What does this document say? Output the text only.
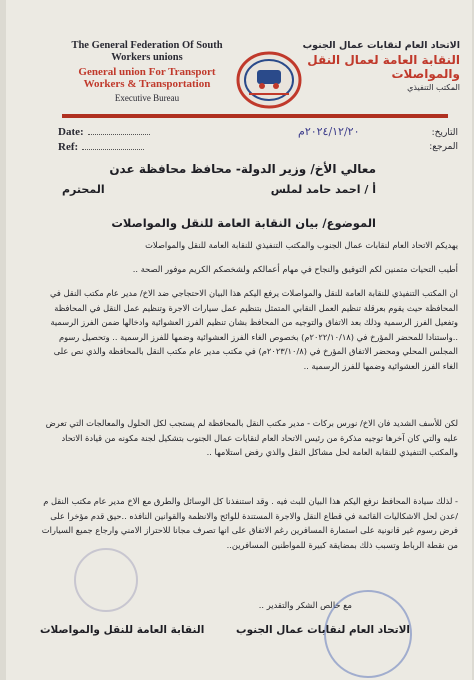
The General Federation Of South Workers unions
General union For Transport Workers & Transportation
Executive Bureau
الاتحاد العام لنقابات عمال الجنوب
النقابة العامة لعمال النقل والمواصلات
المكتب التنفيذي
Date:
Ref:
٢٠٢٤/١٢/٢٠م	التاريخ:
المرجع:
معالي الأخ/ وزير الدولة- محافظ محافظة عدن
أ / احمد حامد لملس
المحترم
الموضوع/ بيان النقابة العامة للنقل والمواصلات
يهديكم الاتحاد العام لنقابات عمال الجنوب والمكتب التنفيذي للنقابة العامة للنقل والمواصلات
أطيب التحيات متمنين لكم التوفيق والنجاح في مهام أعمالكم ولشخصكم الكريم موفور الصحة ..
ان المكتب التنفيذي للنقابة العامة للنقل والمواصلات يرفع اليكم هذا البيان الاحتجاجي ضد الاخ/ مدير عام مكتب النقل في المحافظة حيث يقوم بعرقلة تنظيم العمل النقابي المتمثل بتنظيم عمل سيارات الاجرة وتنظيم عمل النقل في المحافظة وتفعيل الفرز الرسمية وذلك بعد الاتفاق والتوجيه من المحافظ بشان تنظيم الفرز العشوائية وادخالها ضمن الفرز الرسمية ..واستنادا للمحضر المؤرخ في (٢٠٢٢/١٠/١٨م) بخصوص الغاء الفرز العشوائية وضمها للفرز الرسمية .. وتحصيل رسوم المجلس المحلي ومحضر الاتفاق المؤرخ في (٢٠٢٣/١٠/٨م) في مكتب مدير عام مكتب النقل بالمحافظة والذي نص على الغاء الفرز العشوائية وضمها للفرز الرسمية ..
لكن للأسف الشديد فان الاخ/ نورس بركات - مدير مكتب النقل بالمحافظة لم يستجب لكل الحلول والمعالجات التي تعرض عليه والتي كان آخرها توجيه مذكرة من رئيس الاتحاد العام لنقابات عمال الجنوب بتشكيل لجنة مكونه من قيادة الاتحاد والمكتب التنفيذي للنقابة العامة لحل مشاكل النقل والذي رفض استلامها ..
- لذلك سيادة المحافظ نرفع اليكم هذا البيان للبث فيه . وقد استنفذنا كل الوسائل والطرق مع الاخ مدير عام مكتب النقل م /عدن لحل الاشكاليات القائمة في قطاع النقل والاجرة المستندة للوائح والانظمة والقوانين النافذه ..حيق قدم مؤخرا على فرض رسوم غير قانونية على استمارة المسافرين رغم الاتفاق على انها تصرف مجانا للاحتراز الامني وارجاع جميع السيارات من نقطة الرباط وتسبب ذلك بمضايقة كبيرة للمواطنين المسافرين..
مع خالص الشكر والتقدير ..
النقابة العامة للنقل والمواصلات	الاتحاد العام لنقابات عمال الجنوب
